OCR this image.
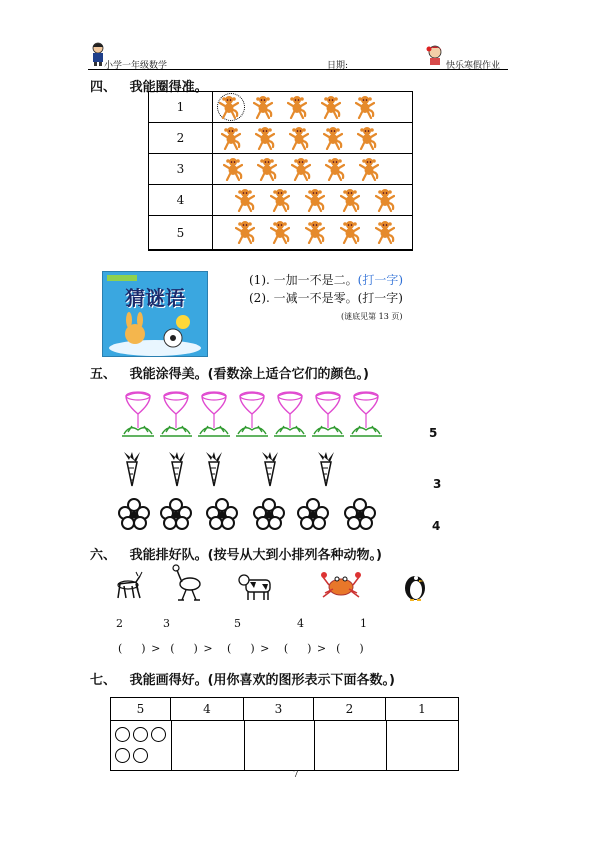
小学一年级数学	日期:	快乐寒假作业
四、   我能圈得准。
1
2
3
4
5
猜谜语
(1). 一加一不是二。(打一字)
(2). 一减一不是零。(打一字)
(谜底见第 13 页)
五、   我能涂得美。(看数涂上适合它们的颜色。)
5
3
4
六、   我能排好队。(按号从大到小排列各种动物。)
2	3	5	4	1
(    ) >  (    ) >   (    ) >   (    ) >  (    )
七、   我能画得好。(用你喜欢的图形表示下面各数。)
5	4	3	2	1
7
